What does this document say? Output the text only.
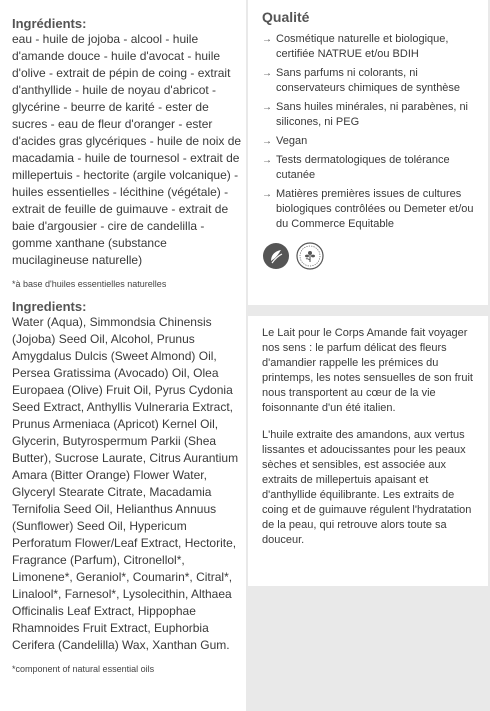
Ingrédients:

eau - huile de jojoba - alcool - huile d'amande douce - huile d'avocat - huile d'olive - extrait de pépin de coing - extrait d'anthyllide - huile de noyau d'abricot - glycérine - beurre de karité - ester de sucres - eau de fleur d'oranger - ester d'acides gras glycériques - huile de noix de macadamia - huile de tournesol - extrait de millepertuis - hectorite (argile volcanique) - huiles essentielles - lécithine (végétale) - extrait de feuille de guimauve - extrait de baie d'argousier - cire de candelilla - gomme xanthane (substance mucilagineuse naturelle)

*à base d'huiles essentielles naturelles
Ingredients:

Water (Aqua), Simmondsia Chinensis (Jojoba) Seed Oil, Alcohol, Prunus Amygdalus Dulcis (Sweet Almond) Oil, Persea Gratissima (Avocado) Oil, Olea Europaea (Olive) Fruit Oil, Pyrus Cydonia Seed Extract, Anthyllis Vulneraria Extract, Prunus Armeniaca (Apricot) Kernel Oil, Glycerin, Butyrospermum Parkii (Shea Butter), Sucrose Laurate, Citrus Aurantium Amara (Bitter Orange) Flower Water, Glyceryl Stearate Citrate, Macadamia Ternifolia Seed Oil, Helianthus Annuus (Sunflower) Seed Oil, Hypericum Perforatum Flower/Leaf Extract, Hectorite, Fragrance (Parfum), Citronellol*, Limonene*, Geraniol*, Coumarin*, Citral*, Linalool*, Farnesol*, Lysolecithin, Althaea Officinalis Leaf Extract, Hippophae Rhamnoides Fruit Extract, Euphorbia Cerifera (Candelilla) Wax, Xanthan Gum.

*component of natural essential oils
Qualité
→ Cosmétique naturelle et biologique, certifiée NATRUE et/ou BDIH
→ Sans parfums ni colorants, ni conservateurs chimiques de synthèse
→ Sans huiles minérales, ni parabènes, ni silicones, ni PEG
→ Vegan
→ Tests dermatologiques de tolérance cutanée
→ Matières premières issues de cultures biologiques contrôlées ou Demeter et/ou du Commerce Equitable

Le Lait pour le Corps Amande fait voyager nos sens : le parfum délicat des fleurs d'amandier rappelle les prémices du printemps, les notes sensuelles de son fruit nous transportent au cœur de la vie foisonnante d'un été italien.

L'huile extraite des amandons, aux vertus lissantes et adoucissantes pour les peaux sèches et sensibles, est associée aux extraits de millepertuis apaisant et d'anthyllide équilibrante. Les extraits de coing et de guimauve régulent l'hydratation de la peau, qui retrouve alors toute sa douceur.
